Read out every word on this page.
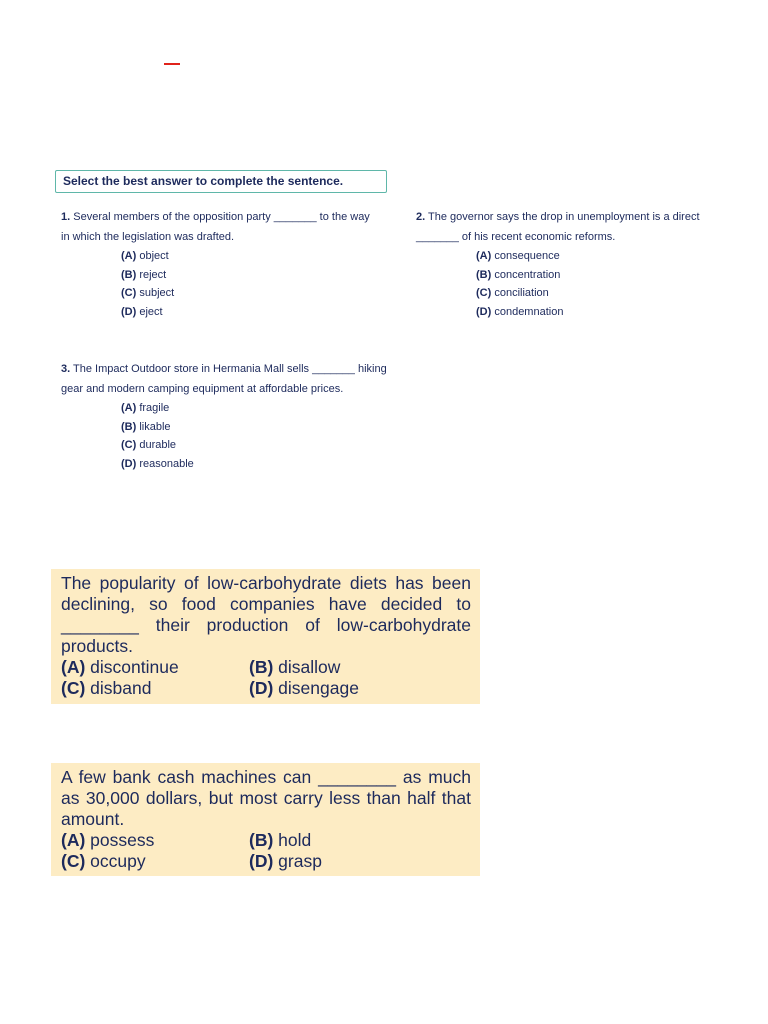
Select the best answer to complete the sentence.

1. Several members of the opposition party _______ to the way in which the legislation was drafted.

(A) object
(B) reject
(C) subject
(D) eject

2. The governor says the drop in unemployment is a direct _______ of his recent economic reforms.

(A) consequence
(B) concentration
(C) conciliation
(D) condemnation

3. The Impact Outdoor store in Hermania Mall sells _______ hiking gear and modern camping equipment at affordable prices.

(A) fragile
(B) likable
(C) durable
(D) reasonable

The popularity of low-carbohydrate diets has been declining, so food companies have decided to ________ their production of low-carbohydrate products.

(A) discontinue	(B) disallow
(C) disband	(D) disengage

A few bank cash machines can ________ as much as 30,000 dollars, but most carry less than half that amount.

(A) possess	(B) hold
(C) occupy	(D) grasp
